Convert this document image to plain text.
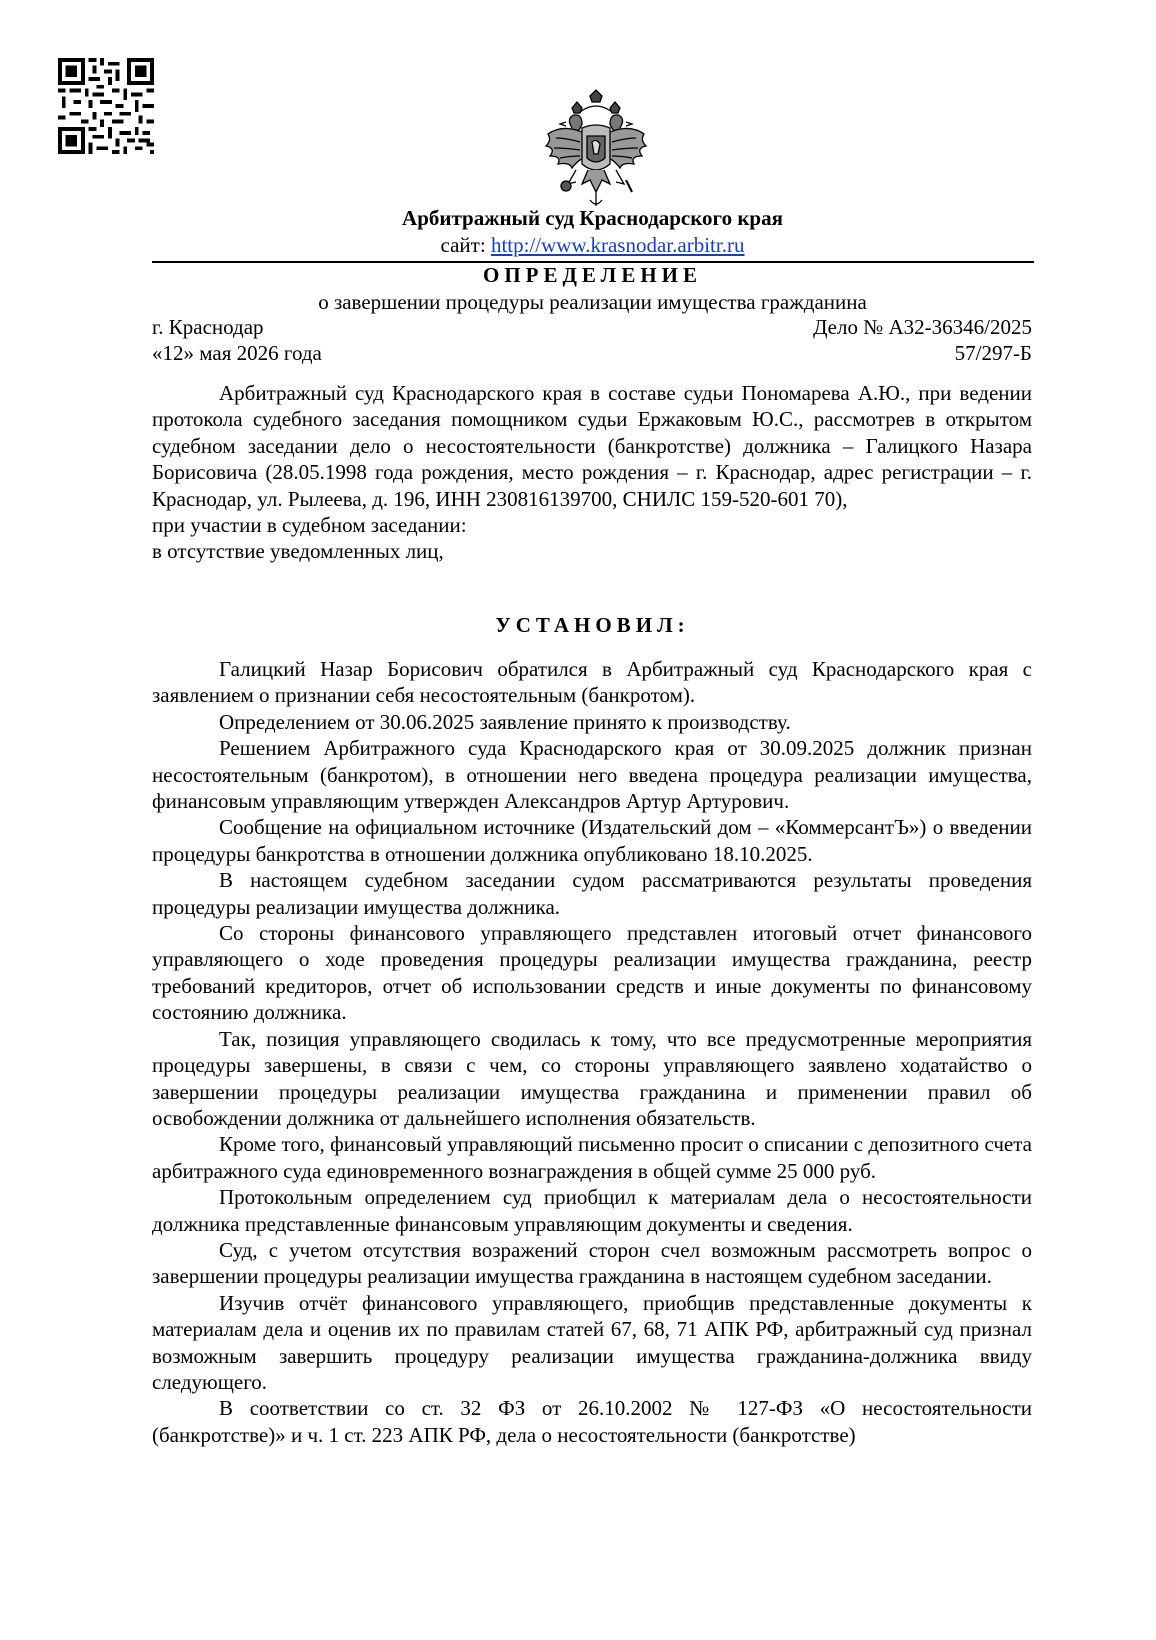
Арбитражный суд Краснодарского края
сайт: http://www.krasnodar.arbitr.ru
ОПРЕДЕЛЕНИЕ
о завершении процедуры реализации имущества гражданина
г. Краснодар	Дело № А32-36346/2025
«12» мая 2026 года	57/297-Б

Арбитражный суд Краснодарского края в составе судьи Пономарева А.Ю., при ведении протокола судебного заседания помощником судьи Ержаковым Ю.С., рассмотрев в открытом судебном заседании дело о несостоятельности (банкротстве) должника – Галицкого Назара Борисовича (28.05.1998 года рождения, место рождения – г. Краснодар, адрес регистрации – г. Краснодар, ул. Рылеева, д. 196, ИНН 230816139700, СНИЛС 159-520-601 70),

при участии в судебном заседании:

в отсутствие уведомленных лиц,

УСТАНОВИЛ:

Галицкий Назар Борисович обратился в Арбитражный суд Краснодарского края с заявлением о признании себя несостоятельным (банкротом).

Определением от 30.06.2025 заявление принято к производству.

Решением Арбитражного суда Краснодарского края от 30.09.2025 должник признан несостоятельным (банкротом), в отношении него введена процедура реализации имущества, финансовым управляющим утвержден Александров Артур Артурович.

Сообщение на официальном источнике (Издательский дом – «КоммерсантЪ») о введении процедуры банкротства в отношении должника опубликовано 18.10.2025.

В настоящем судебном заседании судом рассматриваются результаты проведения процедуры реализации имущества должника.

Со стороны финансового управляющего представлен итоговый отчет финансового управляющего о ходе проведения процедуры реализации имущества гражданина, реестр требований кредиторов, отчет об использовании средств и иные документы по финансовому состоянию должника.

Так, позиция управляющего сводилась к тому, что все предусмотренные мероприятия процедуры завершены, в связи с чем, со стороны управляющего заявлено ходатайство о завершении процедуры реализации имущества гражданина и применении правил об освобождении должника от дальнейшего исполнения обязательств.

Кроме того, финансовый управляющий письменно просит о списании с депозитного счета арбитражного суда единовременного вознаграждения в общей сумме 25 000 руб.

Протокольным определением суд приобщил к материалам дела о несостоятельности должника представленные финансовым управляющим документы и сведения.

Суд, с учетом отсутствия возражений сторон счел возможным рассмотреть вопрос о завершении процедуры реализации имущества гражданина в настоящем судебном заседании.

Изучив отчёт финансового управляющего, приобщив представленные документы к материалам дела и оценив их по правилам статей 67, 68, 71 АПК РФ, арбитражный суд признал возможным завершить процедуру реализации имущества гражданина-должника ввиду следующего.

В соответствии со ст. 32 ФЗ от 26.10.2002 № 127-ФЗ «О несостоятельности (банкротстве)» и ч. 1 ст. 223 АПК РФ, дела о несостоятельности (банкротстве)
